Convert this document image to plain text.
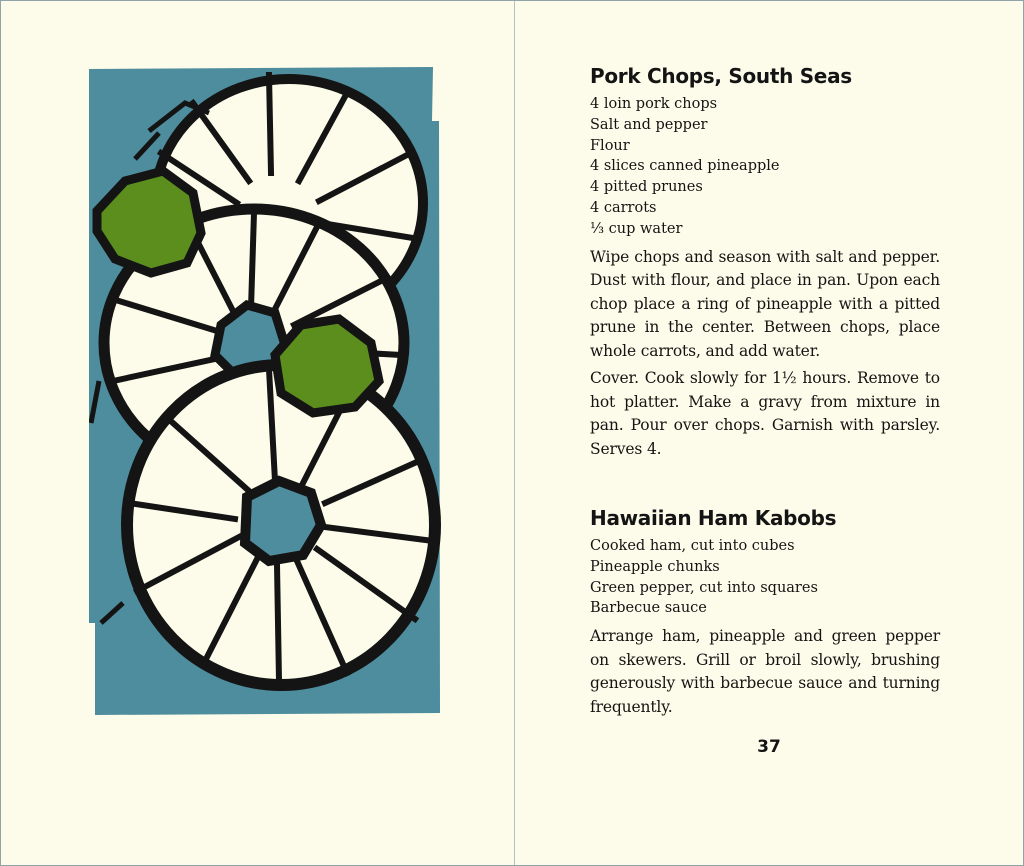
Pork Chops, South Seas
4 loin pork chops
Salt and pepper
Flour
4 slices canned pineapple
4 pitted prunes
4 carrots
⅓ cup water

Wipe chops and season with salt and pepper. Dust with flour, and place in pan. Upon each chop place a ring of pineapple with a pitted prune in the center. Between chops, place whole carrots, and add water.

Cover. Cook slowly for 1½ hours. Remove to hot platter. Make a gravy from mixture in pan. Pour over chops. Garnish with parsley. Serves 4.

Hawaiian Ham Kabobs
Cooked ham, cut into cubes
Pineapple chunks
Green pepper, cut into squares
Barbecue sauce

Arrange ham, pineapple and green pepper on skewers. Grill or broil slowly, brushing generously with barbecue sauce and turning frequently.

37
